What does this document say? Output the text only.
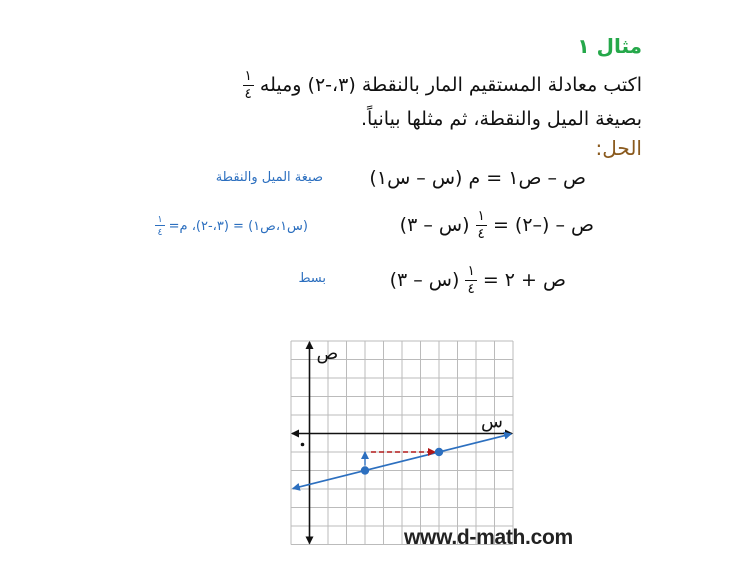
مثال ١
اكتب معادلة المستقيم المار بالنقطة (٣،-٢) وميله
$\frac{١}{٤}$
بصيغة الميل والنقطة، ثم مثلها بيانياً.
الحل:
ص – ص١ = م (س – س١)
صيغة الميل والنقطة
ص – (–٢) =
$\frac{١}{٤}$
(س – ٣)
(س١،ص١) = (٣،-٢)، م=
$\frac{١}{٤}$
ص + ٢ =
$\frac{١}{٤}$
(س – ٣)
بسط
ص
س
www.d-math.com
